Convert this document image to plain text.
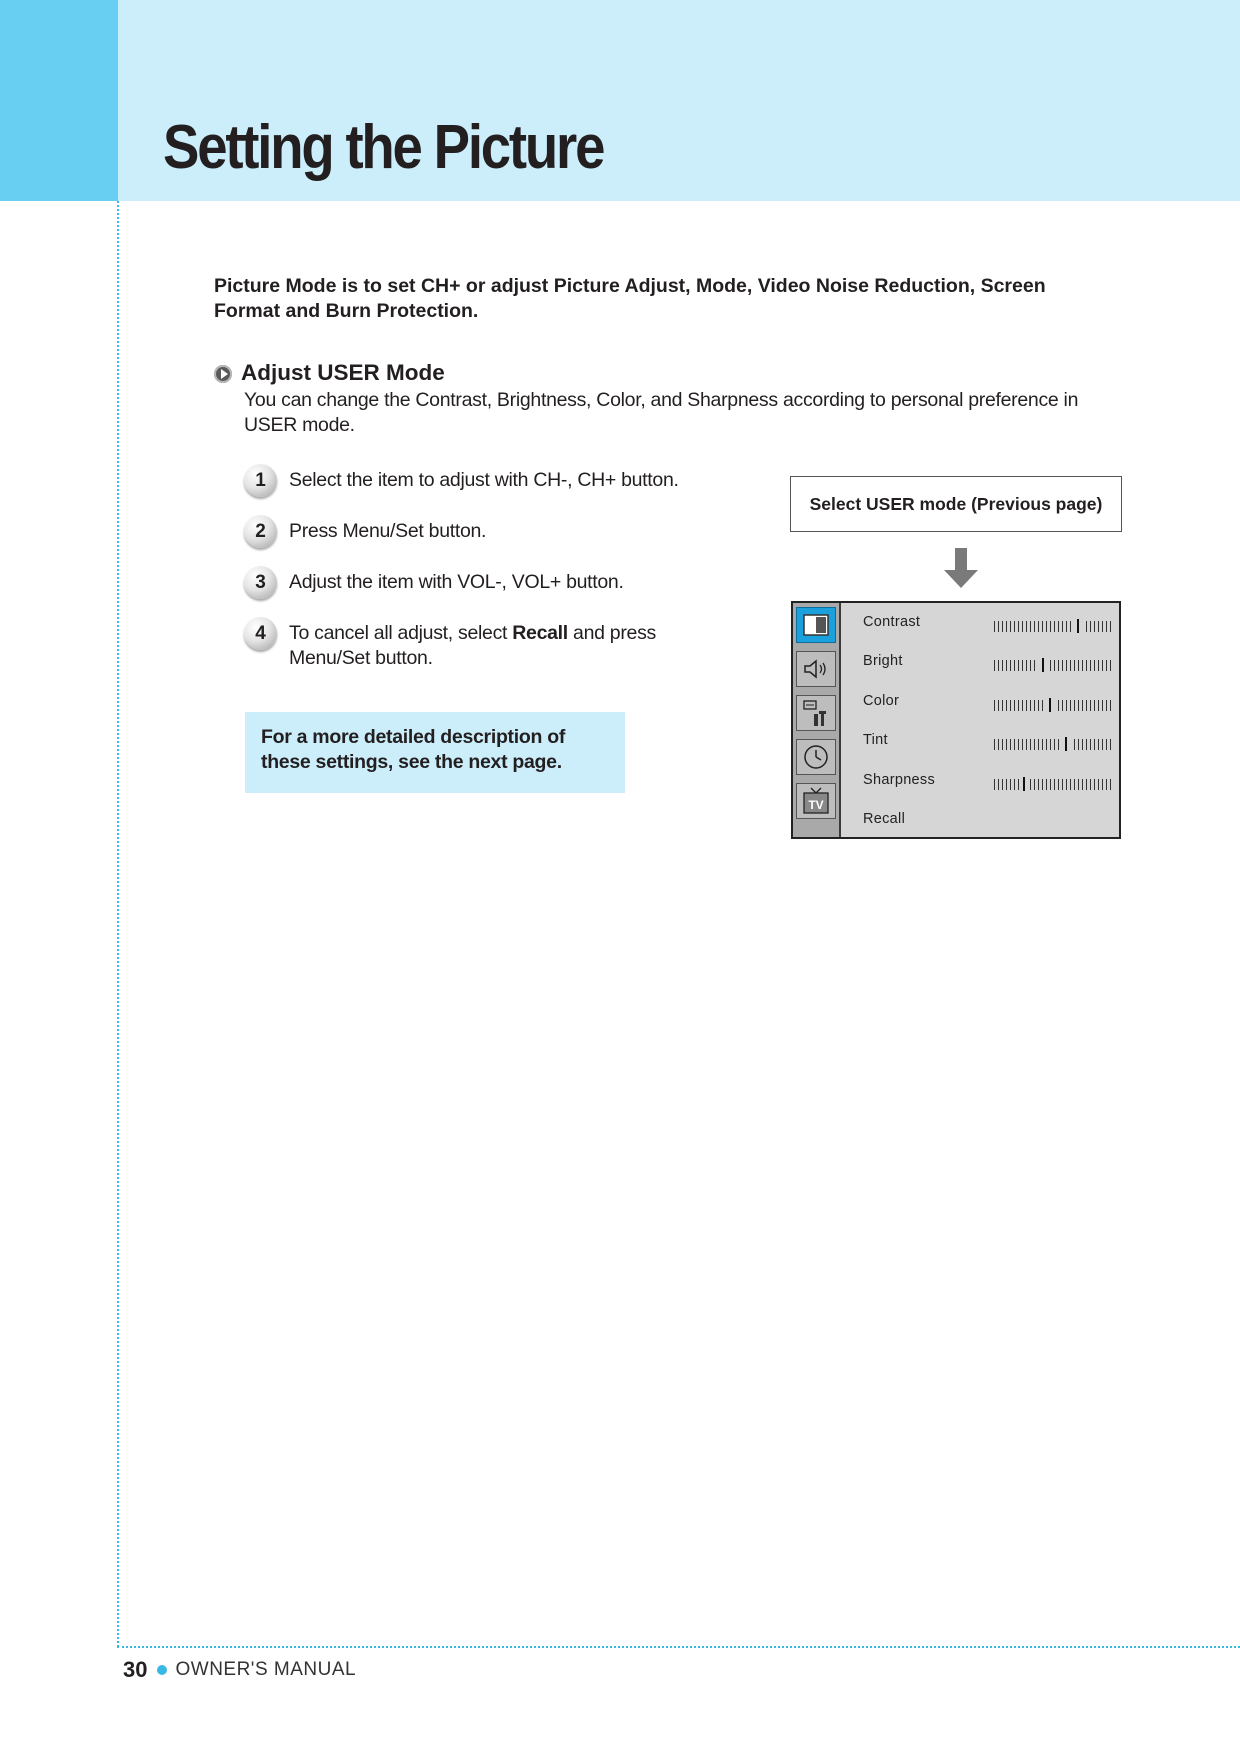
Setting the Picture

Picture Mode is to set CH+ or adjust Picture Adjust, Mode, Video Noise Reduction, Screen Format and Burn Protection.

Adjust USER Mode

You can change the Contrast, Brightness, Color, and Sharpness according to personal preference in USER mode.

1	Select the item to adjust with CH-, CH+ button.
2	Press Menu/Set button.
3	Adjust the item with VOL-, VOL+ button.
4	To cancel all adjust, select Recall and press Menu/Set button.

For a more detailed description of these settings, see the next page.

Select USER mode (Previous page)
TV
Contrast
Bright
Color
Tint
Sharpness
Recall
30 OWNER'S MANUAL
